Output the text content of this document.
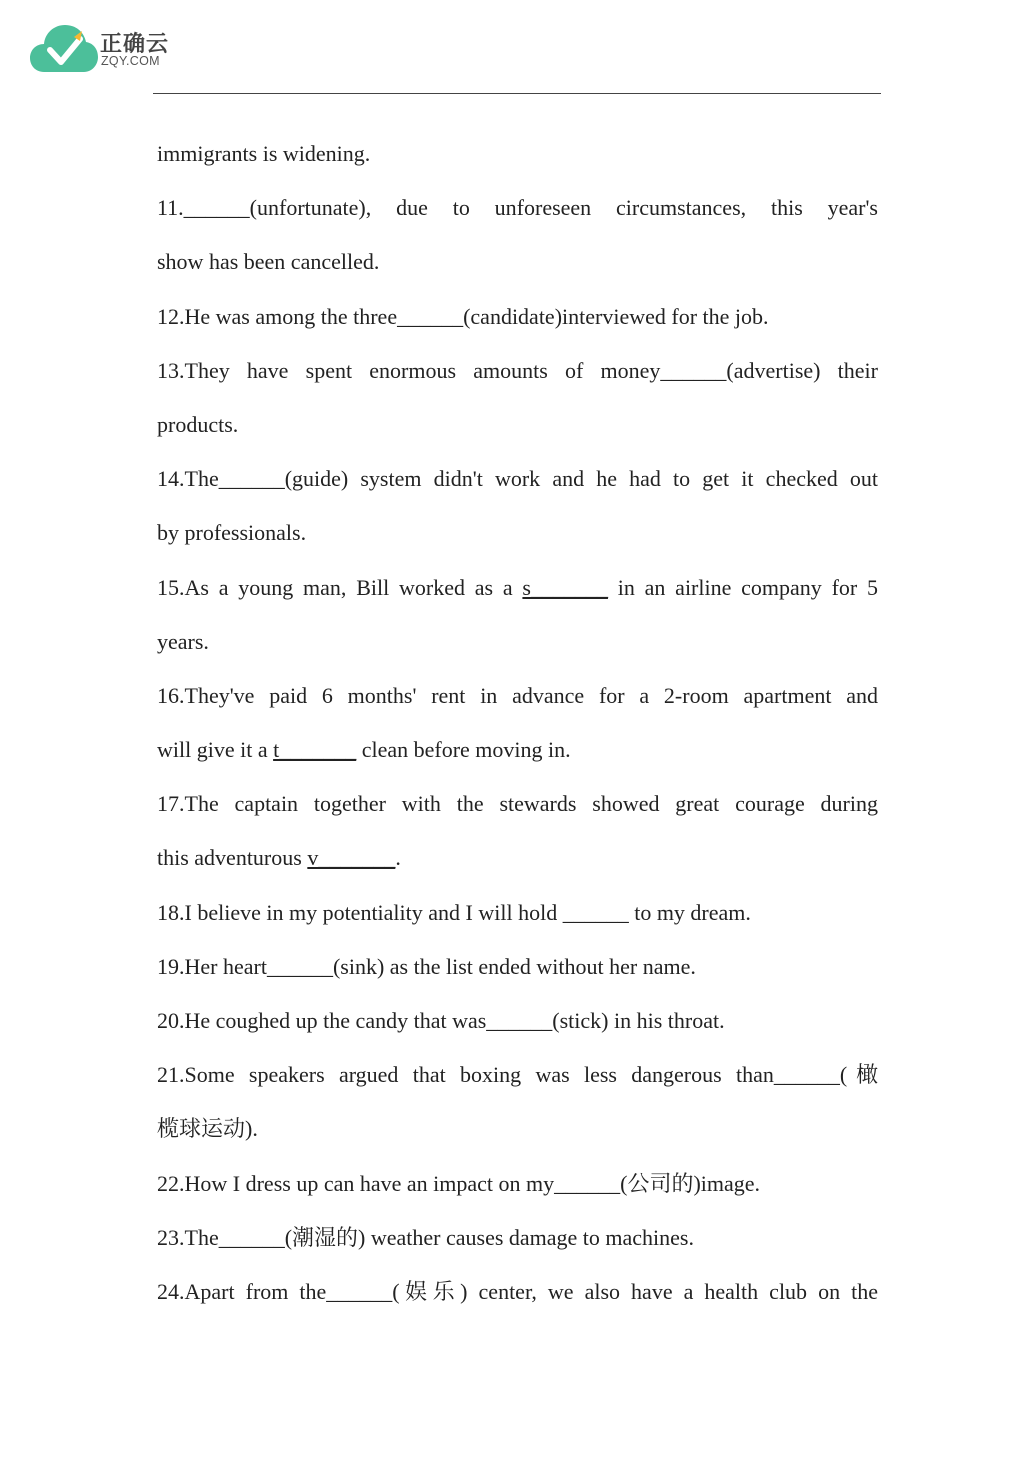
正确云
ZQY.COM
immigrants is widening.
11.______(unfortunate), due to unforeseen circumstances, this year's
show has been cancelled.
12.He was among the three______(candidate)interviewed for the job.
13.They have spent enormous amounts of money______(advertise) their
products.
14.The______(guide) system didn't work and he had to get it checked out
by professionals.
15.As a young man, Bill worked as a s_______ in an airline company for 5
years.
16.They've paid 6 months' rent in advance for a 2-room apartment and
will give it a t_______ clean before moving in.
17.The captain together with the stewards showed great courage during
this adventurous v_______.
18.I believe in my potentiality and I will hold ______ to my dream.
19.Her heart______(sink) as the list ended without her name.
20.He coughed up the candy that was______(stick) in his throat.
21.Some speakers argued that boxing was less dangerous than______(橄
榄球运动).
22.How I dress up can have an impact on my______(公司的)image.
23.The______(潮湿的) weather causes damage to machines.
24.Apart from the______(娱乐) center, we also have a health club on the
